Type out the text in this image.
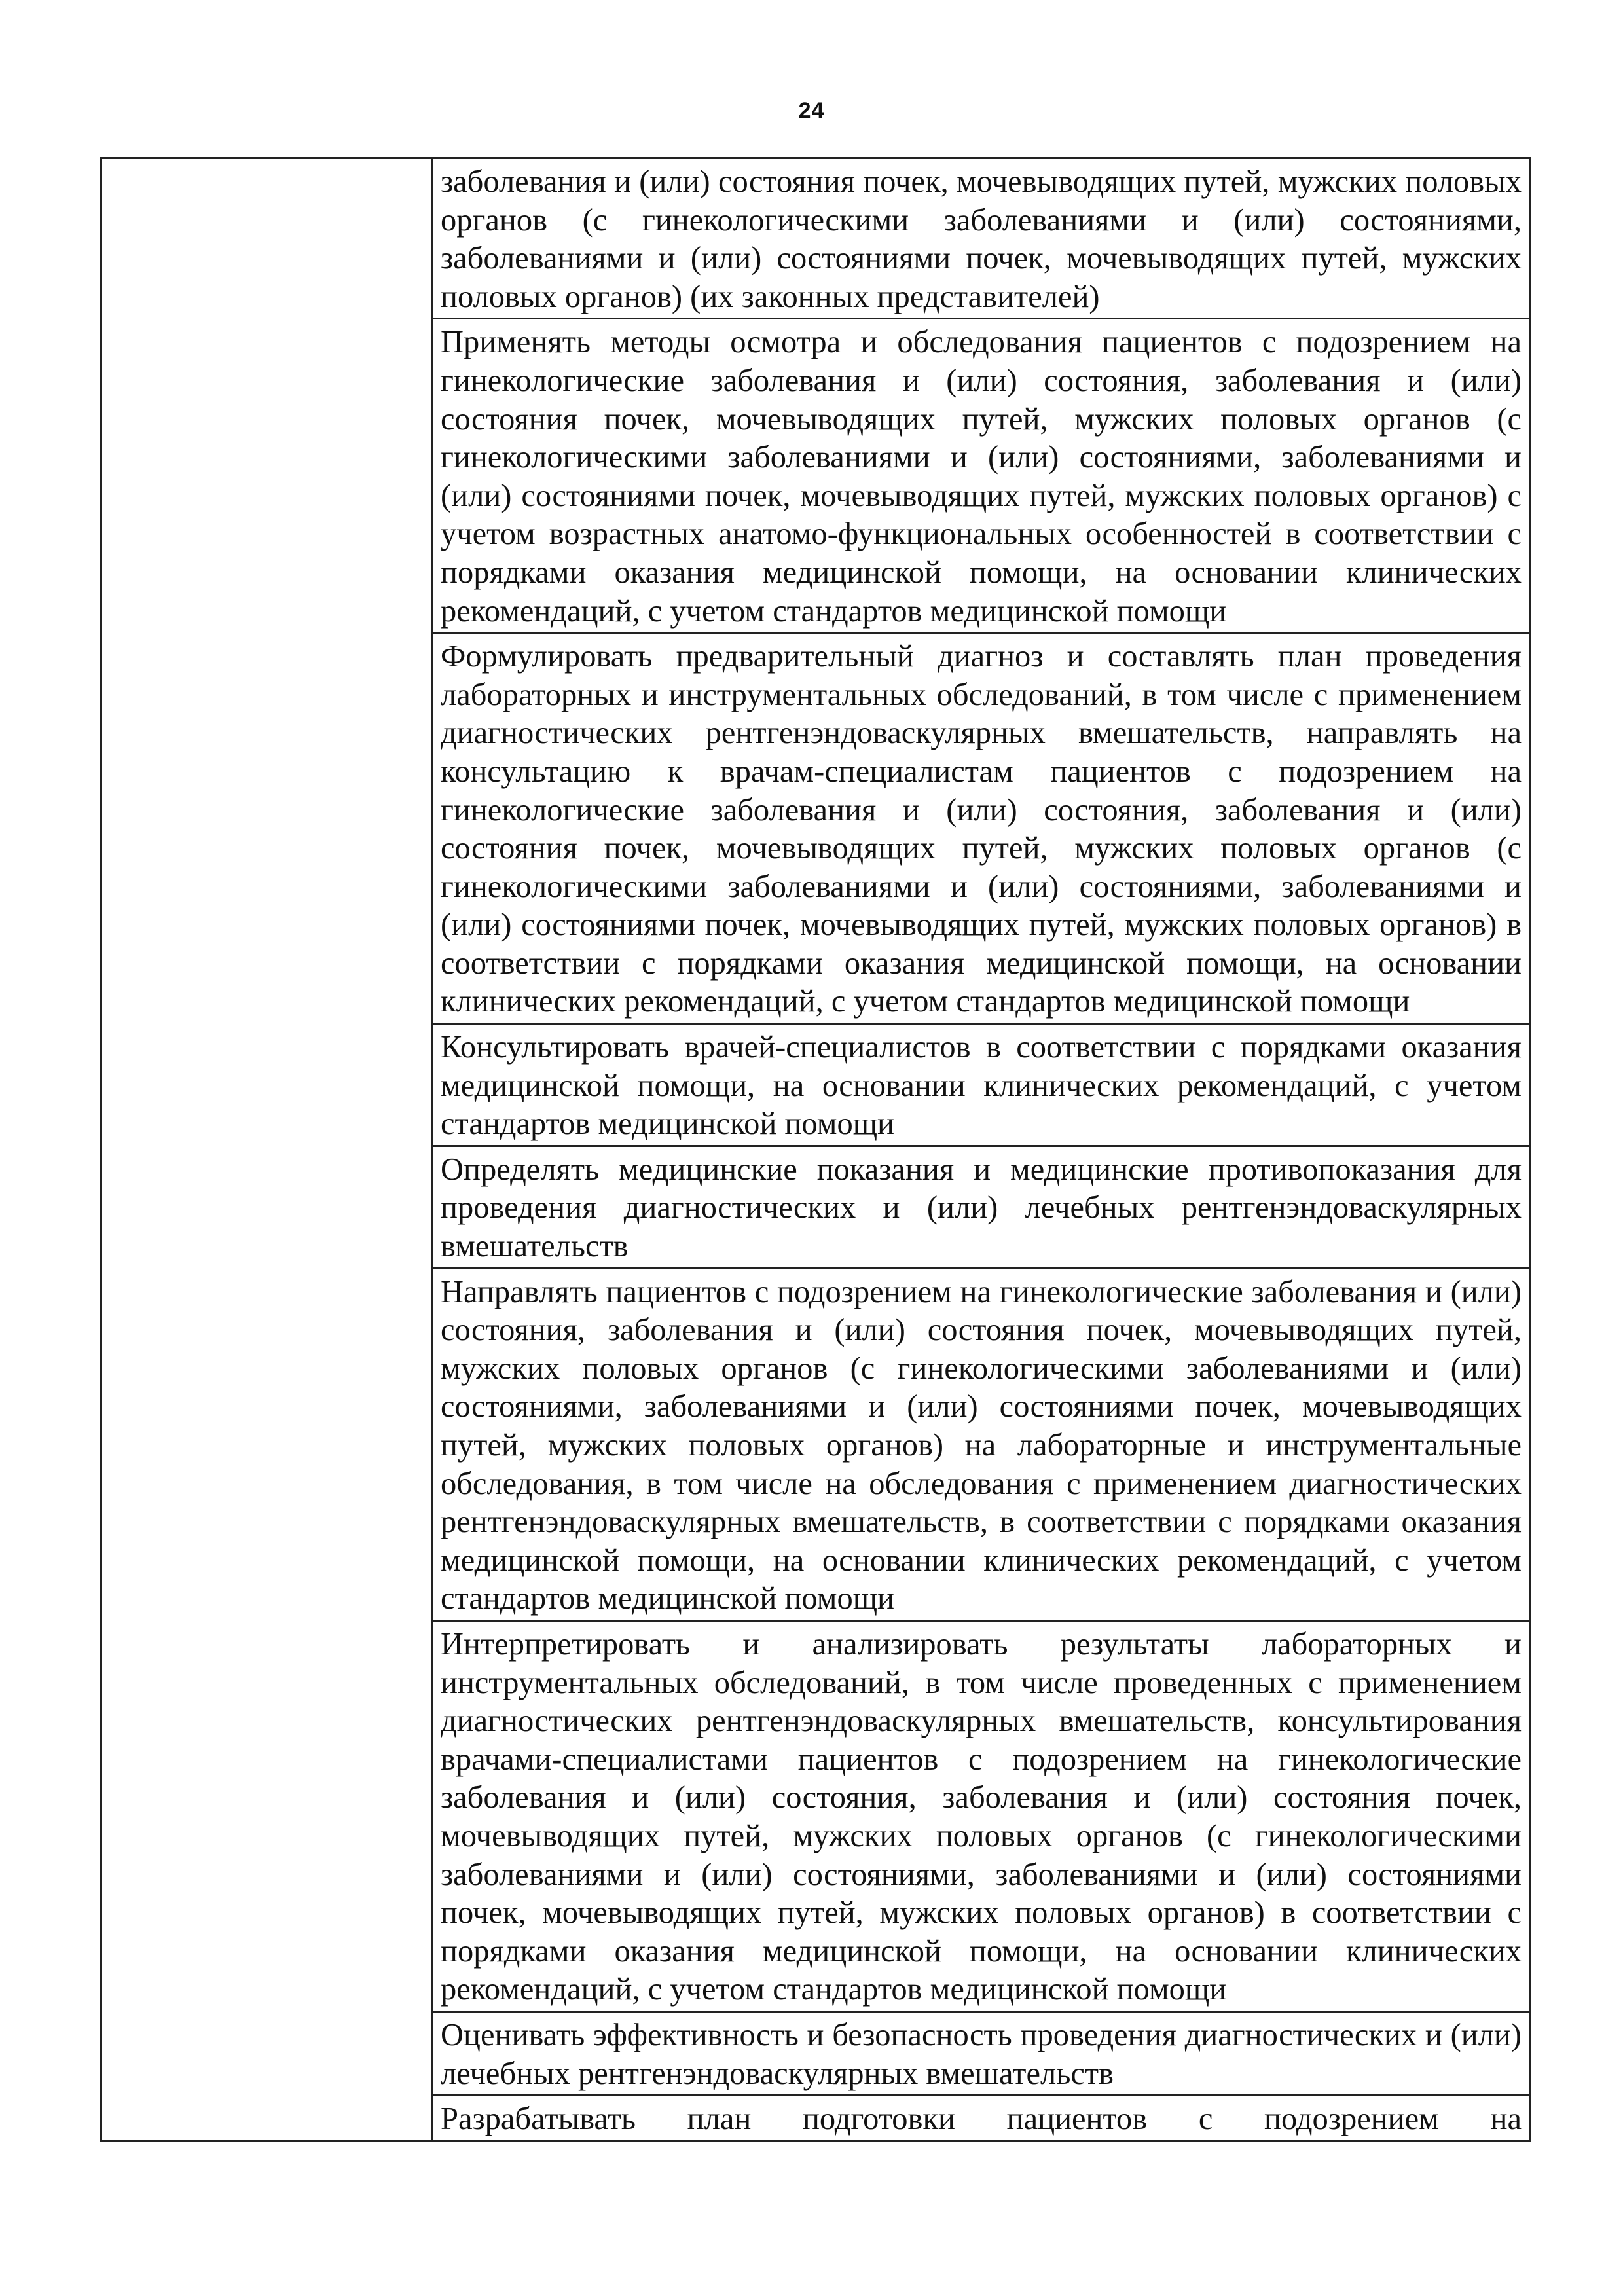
24
	заболевания и (или) состояния почек, мочевыводящих путей, мужских половых органов (с гинекологическими заболеваниями и (или) состояниями, заболеваниями и (или) состояниями почек, мочевыводящих путей, мужских половых органов) (их законных представителей)
Применять методы осмотра и обследования пациентов с подозрением на гинекологические заболевания и (или) состояния, заболевания и (или) состояния почек, мочевыводящих путей, мужских половых органов (с гинекологическими заболеваниями и (или) состояниями, заболеваниями и (или) состояниями почек, мочевыводящих путей, мужских половых органов) с учетом возрастных анатомо-функциональных особенностей в соответствии с порядками оказания медицинской помощи, на основании клинических рекомендаций, с учетом стандартов медицинской помощи
Формулировать предварительный диагноз и составлять план проведения лабораторных и инструментальных обследований, в том числе с применением диагностических рентгенэндоваскулярных вмешательств, направлять на консультацию к врачам-специалистам пациентов с подозрением на гинекологические заболевания и (или) состояния, заболевания и (или) состояния почек, мочевыводящих путей, мужских половых органов (с гинекологическими заболеваниями и (или) состояниями, заболеваниями и (или) состояниями почек, мочевыводящих путей, мужских половых органов) в соответствии с порядками оказания медицинской помощи, на основании клинических рекомендаций, с учетом стандартов медицинской помощи
Консультировать врачей-специалистов в соответствии с порядками оказания медицинской помощи, на основании клинических рекомендаций, с учетом стандартов медицинской помощи
Определять медицинские показания и медицинские противопоказания для проведения диагностических и (или) лечебных рентгенэндоваскулярных вмешательств
Направлять пациентов с подозрением на гинекологические заболевания и (или) состояния, заболевания и (или) состояния почек, мочевыводящих путей, мужских половых органов (с гинекологическими заболеваниями и (или) состояниями, заболеваниями и (или) состояниями почек, мочевыводящих путей, мужских половых органов) на лабораторные и инструментальные обследования, в том числе на обследования с применением диагностических рентгенэндоваскулярных вмешательств, в соответствии с порядками оказания медицинской помощи, на основании клинических рекомендаций, с учетом стандартов медицинской помощи
Интерпретировать и анализировать результаты лабораторных и инструментальных обследований, в том числе проведенных с применением диагностических рентгенэндоваскулярных вмешательств, консультирования врачами-специалистами пациентов с подозрением на гинекологические заболевания и (или) состояния, заболевания и (или) состояния почек, мочевыводящих путей, мужских половых органов (с гинекологическими заболеваниями и (или) состояниями, заболеваниями и (или) состояниями почек, мочевыводящих путей, мужских половых органов) в соответствии с порядками оказания медицинской помощи, на основании клинических рекомендаций, с учетом стандартов медицинской помощи
Оценивать эффективность и безопасность проведения диагностических и (или) лечебных рентгенэндоваскулярных вмешательств
Разрабатывать план подготовки пациентов с подозрением на
